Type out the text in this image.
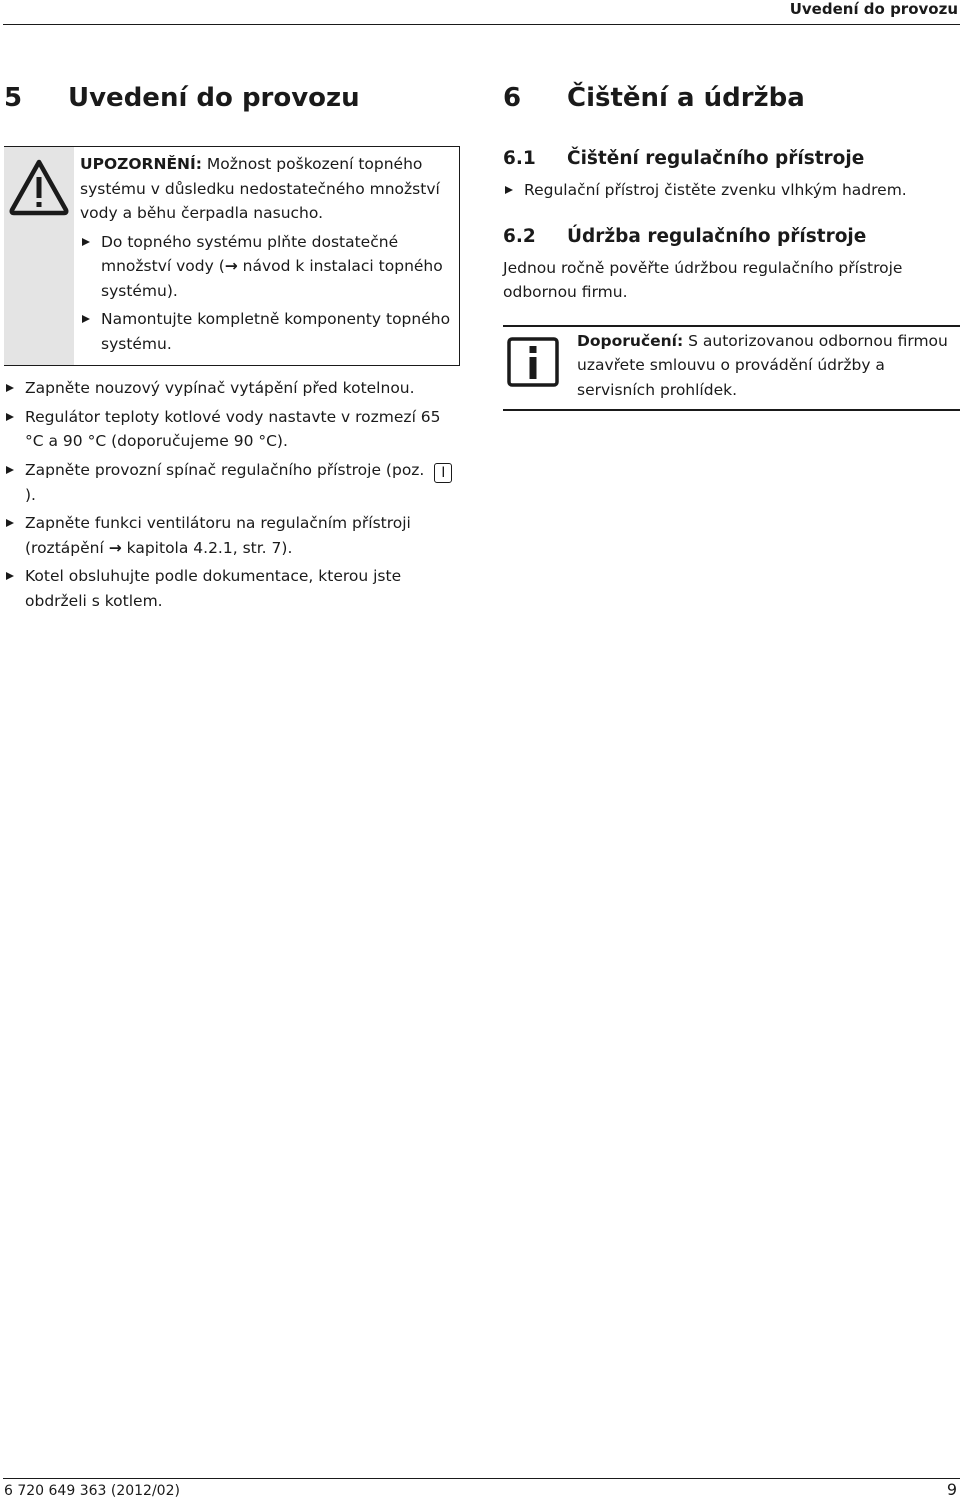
Uvedení do provozu
5 Uvedení do provozu	6 Čištění a údržba
UPOZORNĚNÍ: Možnost poškození topného systému v důsledku nedostatečného množství vody a běhu čerpadla nasucho.
Do topného systému plňte dostatečné množství vody (→ návod k instalaci topného systému).
Namontujte kompletně komponenty topného systému.
Zapněte nouzový vypínač vytápění před kotelnou.
Regulátor teploty kotlové vody nastavte v rozmezí 65 °C a 90 °C (doporučujeme 90 °C).
Zapněte provozní spínač regulačního přístroje (poz. I).
Zapněte funkci ventilátoru na regulačním přístroji (roztápění → kapitola 4.2.1, str. 7).
Kotel obsluhujte podle dokumentace, kterou jste obdrželi s kotlem.
6.1	Čištění regulačního přístroje
Regulační přístroj čistěte zvenku vlhkým hadrem.
6.2	Údržba regulačního přístroje
Jednou ročně pověřte údržbou regulačního přístroje odbornou firmu.
Doporučení: S autorizovanou odbornou firmou uzavřete smlouvu o provádění údržby a servisních prohlídek.
6 720 649 363 (2012/02)	9
